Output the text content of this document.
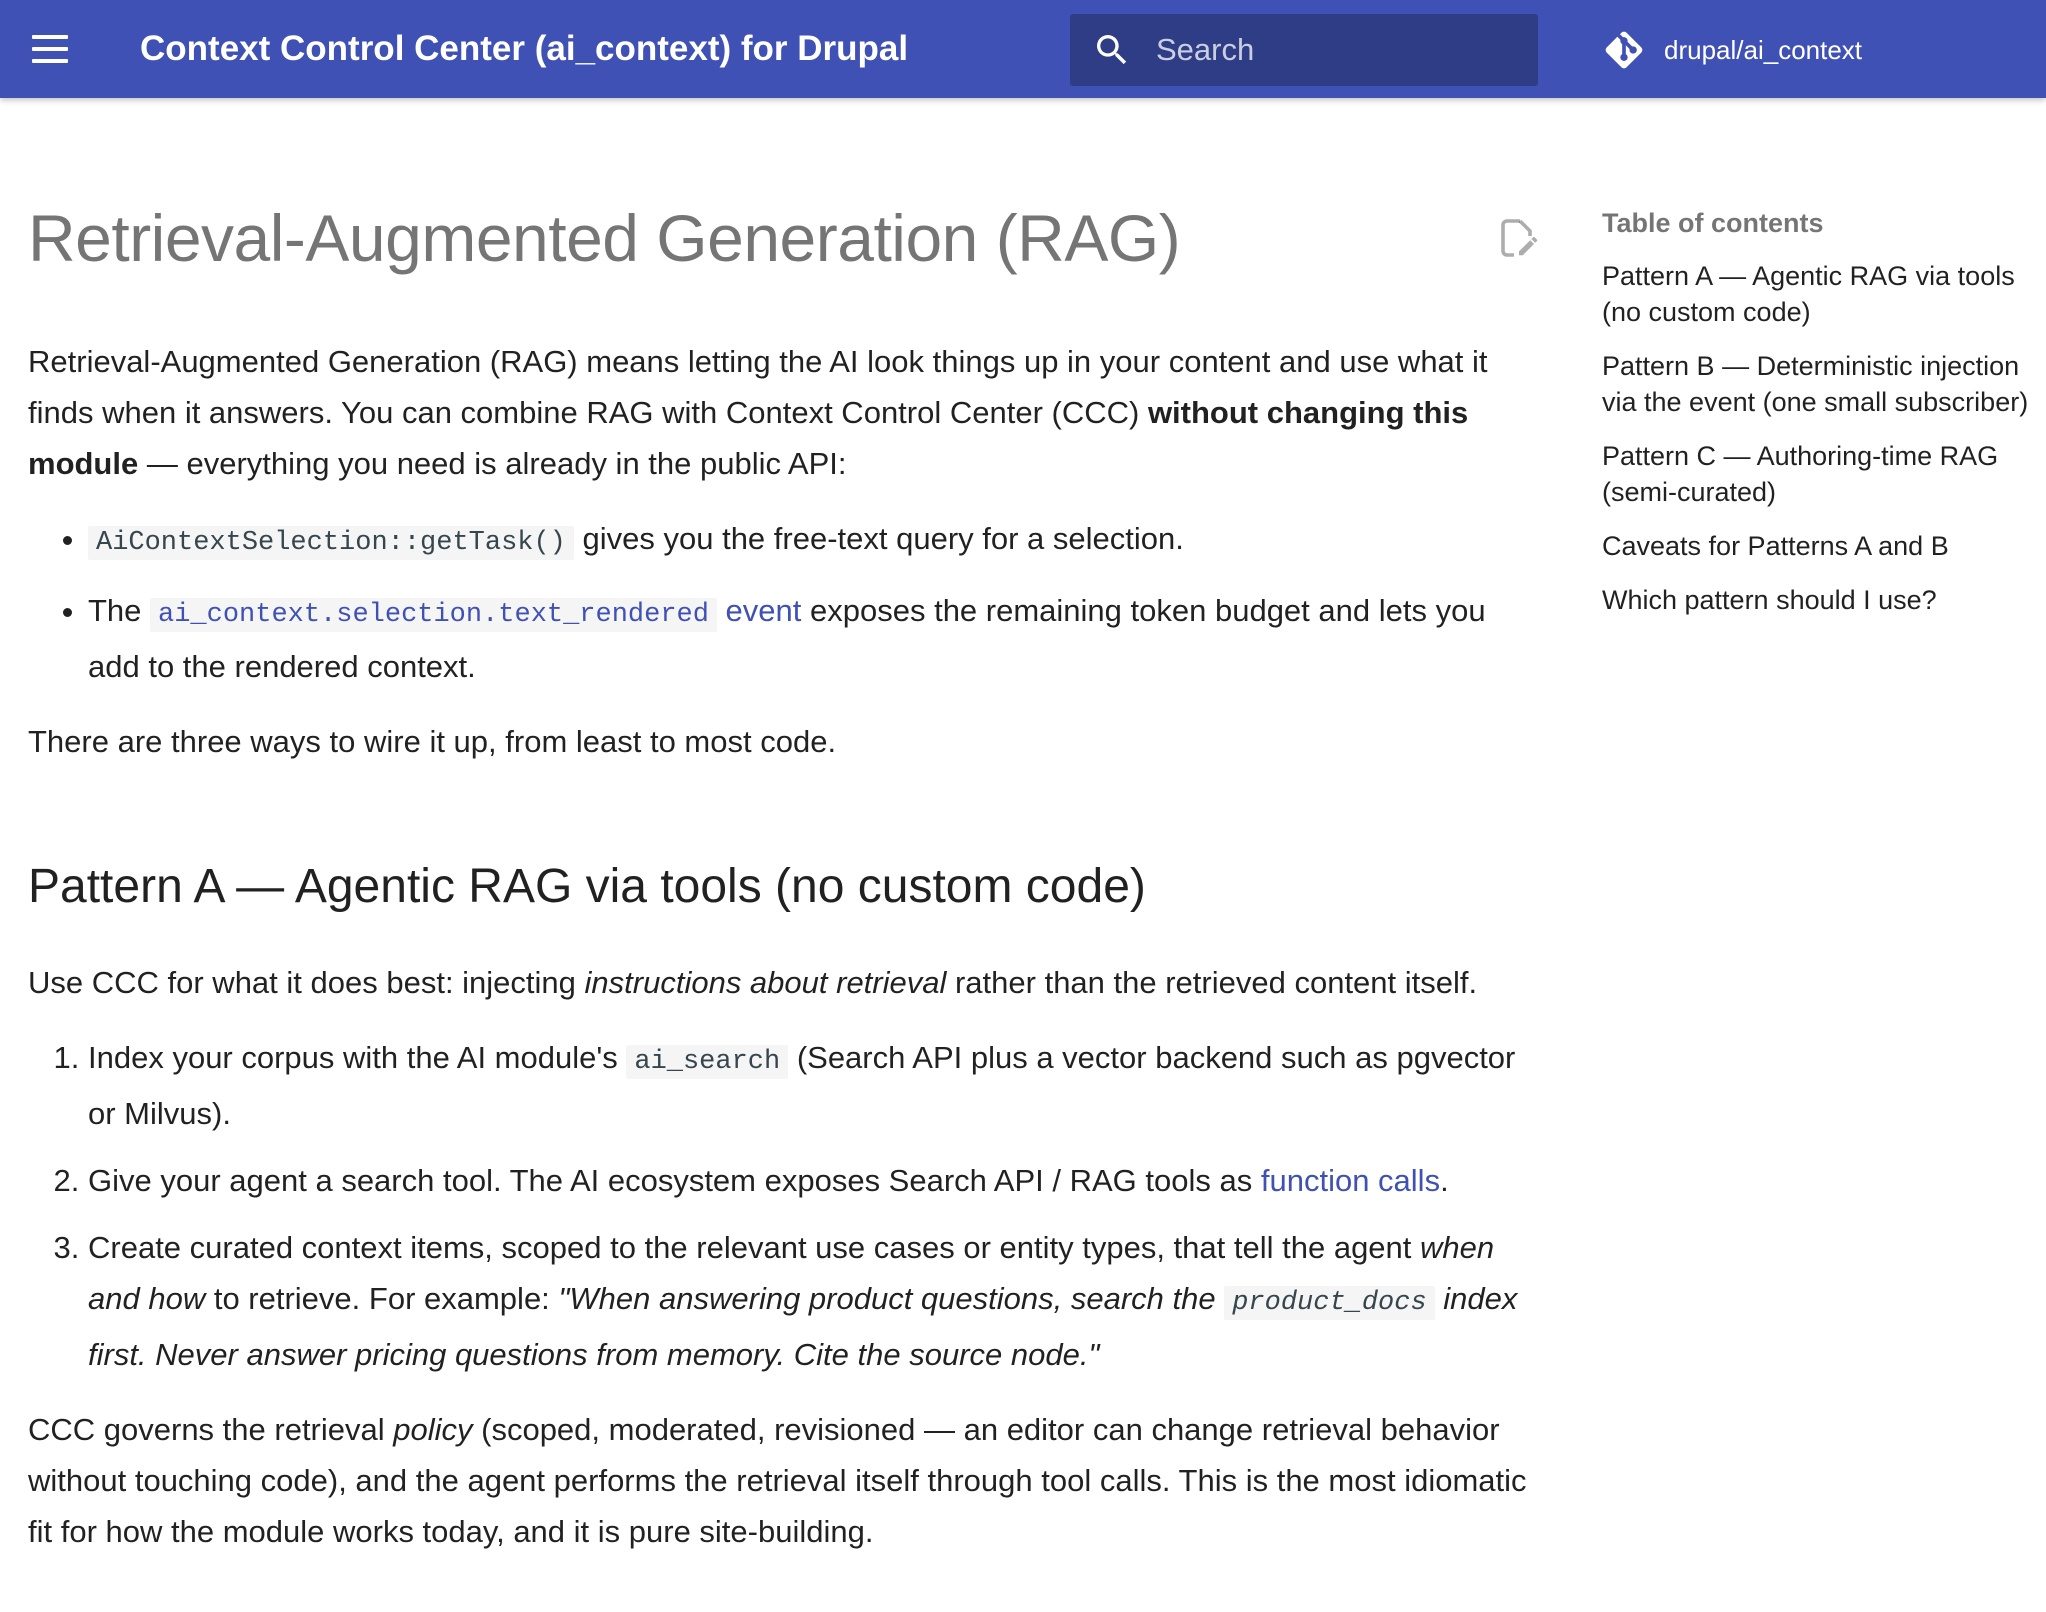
Context Control Center (ai_context) for Drupal
Search	drupal/ai_context
Retrieval-Augmented Generation (RAG)

Retrieval-Augmented Generation (RAG) means letting the AI look things up in your content and use what it finds when it answers. You can combine RAG with Context Control Center (CCC) without changing this module — everything you need is already in the public API:

• AiContextSelection::getTask() gives you the free-text query for a selection.
• The ai_context.selection.text_rendered event exposes the remaining token budget and lets you add to the rendered context.

There are three ways to wire it up, from least to most code.

Pattern A — Agentic RAG via tools (no custom code)

Use CCC for what it does best: injecting instructions about retrieval rather than the retrieved content itself.

1. Index your corpus with the AI module's ai_search (Search API plus a vector backend such as pgvector or Milvus).
2. Give your agent a search tool. The AI ecosystem exposes Search API / RAG tools as function calls.
3. Create curated context items, scoped to the relevant use cases or entity types, that tell the agent when and how to retrieve. For example: "When answering product questions, search the product_docs index first. Never answer pricing questions from memory. Cite the source node."

CCC governs the retrieval policy (scoped, moderated, revisioned — an editor can change retrieval behavior without touching code), and the agent performs the retrieval itself through tool calls. This is the most idiomatic fit for how the module works today, and it is pure site-building.

Table of contents
Pattern A — Agentic RAG via tools (no custom code)
Pattern B — Deterministic injection via the event (one small subscriber)
Pattern C — Authoring-time RAG (semi-curated)
Caveats for Patterns A and B
Which pattern should I use?
